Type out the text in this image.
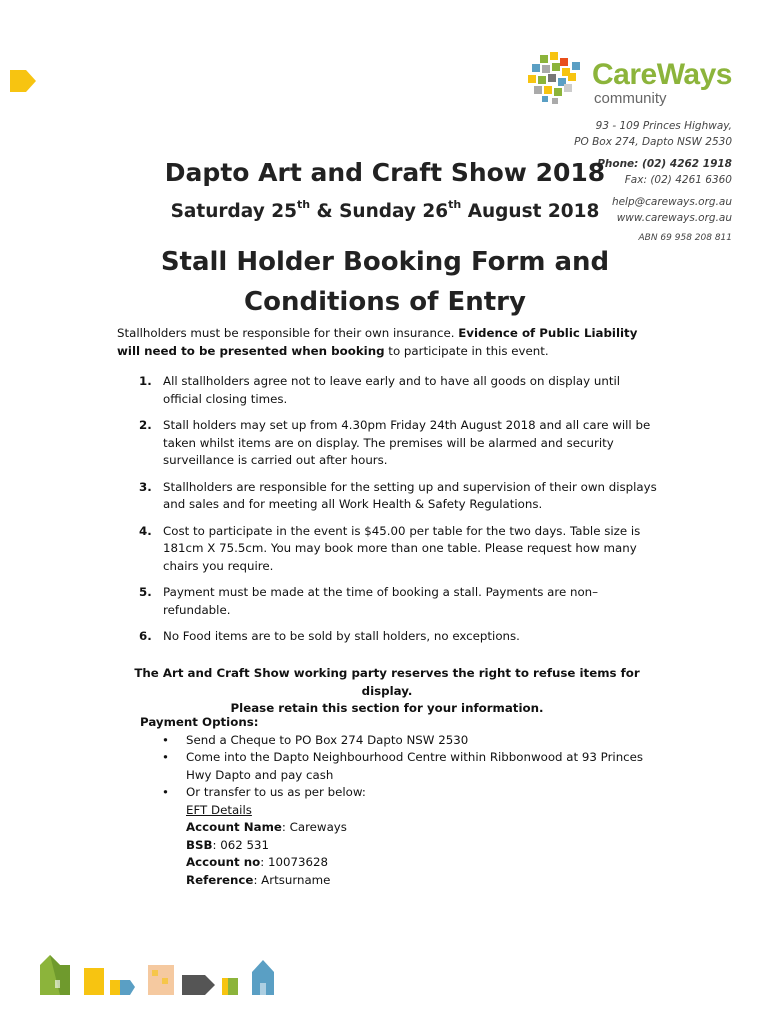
CareWays
community
93 - 109 Princes Highway,
PO Box 274, Dapto NSW 2530
Phone: (02) 4262 1918
Fax: (02) 4261 6360
help@careways.org.au
www.careways.org.au
ABN 69 958 208 811
Dapto Art and Craft Show 2018
Saturday 25th & Sunday 26th August 2018
Stall Holder Booking Form and
Conditions of Entry
Stallholders must be responsible for their own insurance. Evidence of Public Liability will need to be presented when booking to participate in this event.
1. All stallholders agree not to leave early and to have all goods on display until official closing times.
2. Stall holders may set up from 4.30pm Friday 24th August 2018 and all care will be taken whilst items are on display. The premises will be alarmed and security surveillance is carried out after hours.
3. Stallholders are responsible for the setting up and supervision of their own displays and sales and for meeting all Work Health & Safety Regulations.
4. Cost to participate in the event is $45.00 per table for the two days. Table size is 181cm X 75.5cm. You may book more than one table. Please request how many chairs you require.
5. Payment must be made at the time of booking a stall. Payments are non–refundable.
6. No Food items are to be sold by stall holders, no exceptions.
The Art and Craft Show working party reserves the right to refuse items for display.
Please retain this section for your information.
Payment Options:
• Send a Cheque to PO Box 274 Dapto NSW 2530
• Come into the Dapto Neighbourhood Centre within Ribbonwood at 93 Princes Hwy Dapto and pay cash
• Or transfer to us as per below:
EFT Details
Account Name: Careways
BSB: 062 531
Account no: 10073628
Reference: Artsurname
